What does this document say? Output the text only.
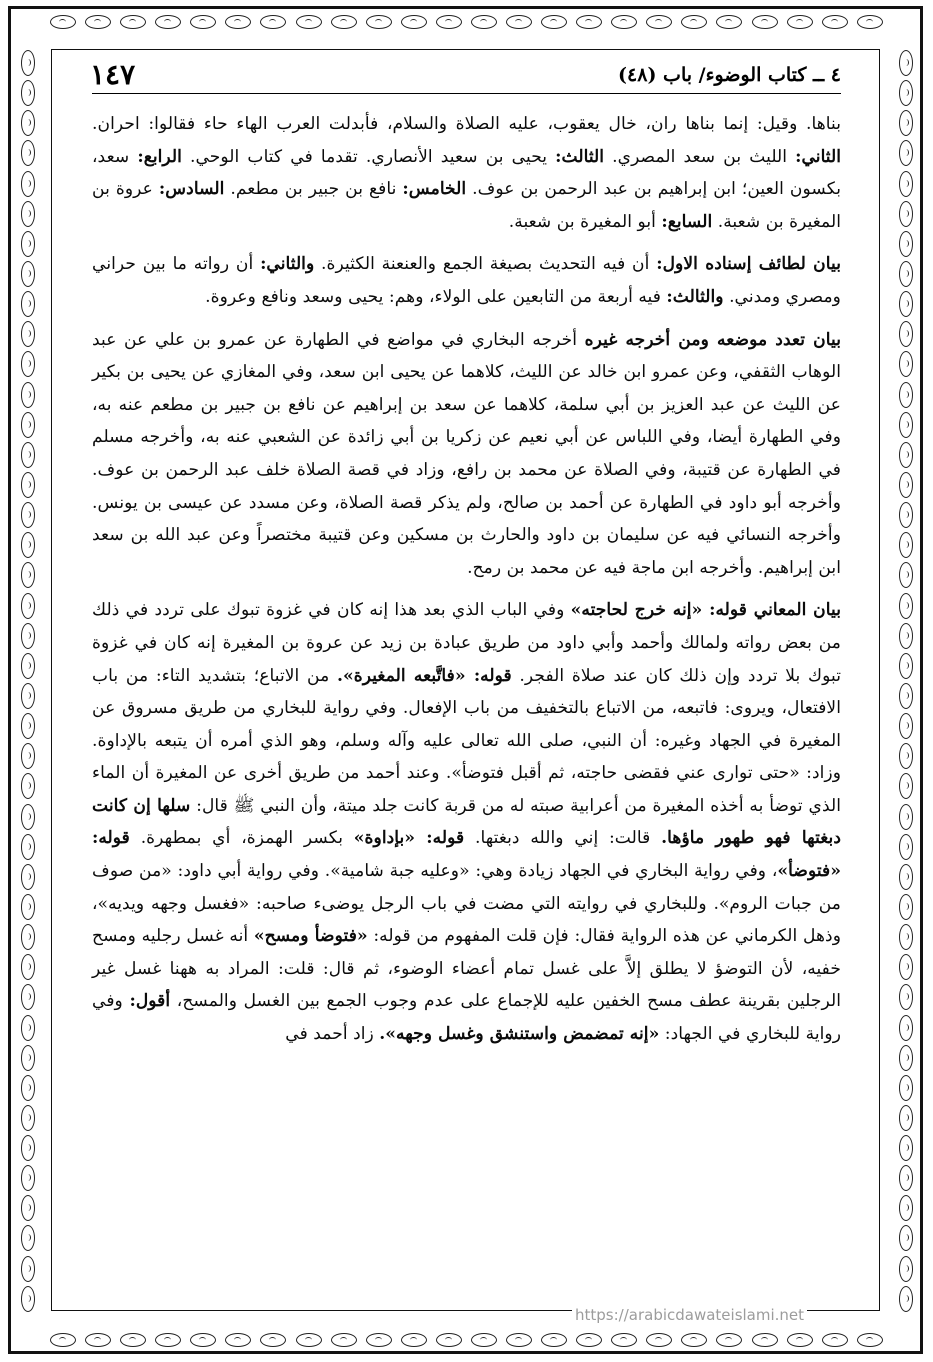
٤ ــ كتاب الوضوء/ باب (٤٨)
١٤٧

بناها. وقيل: إنما بناها ران، خال يعقوب، عليه الصلاة والسلام، فأبدلت العرب الهاء حاء فقالوا: احران. الثاني: الليث بن سعد المصري. الثالث: يحيى بن سعيد الأنصاري. تقدما في كتاب الوحي. الرابع: سعد، بكسون العين؛ ابن إبراهيم بن عبد الرحمن بن عوف. الخامس: نافع بن جبير بن مطعم. السادس: عروة بن المغيرة بن شعبة. السابع: أبو المغيرة بن شعبة.

بيان لطائف إسناده الاول: أن فيه التحديث بصيغة الجمع والعنعنة الكثيرة. والثاني: أن رواته ما بين حراني ومصري ومدني. والثالث: فيه أربعة من التابعين على الولاء، وهم: يحيى وسعد ونافع وعروة.

بيان تعدد موضعه ومن أخرجه غيره أخرجه البخاري في مواضع في الطهارة عن عمرو بن علي عن عبد الوهاب الثقفي، وعن عمرو ابن خالد عن الليث، كلاهما عن يحيى ابن سعد، وفي المغازي عن يحيى بن بكير عن الليث عن عبد العزيز بن أبي سلمة، كلاهما عن سعد بن إبراهيم عن نافع بن جبير بن مطعم عنه به، وفي الطهارة أيضا، وفي اللباس عن أبي نعيم عن زكريا بن أبي زائدة عن الشعبي عنه به، وأخرجه مسلم في الطهارة عن قتيبة، وفي الصلاة عن محمد بن رافع، وزاد في قصة الصلاة خلف عبد الرحمن بن عوف. وأخرجه أبو داود في الطهارة عن أحمد بن صالح، ولم يذكر قصة الصلاة، وعن مسدد عن عيسى بن يونس. وأخرجه النسائي فيه عن سليمان بن داود والحارث بن مسكين وعن قتيبة مختصراً وعن عبد الله بن سعد ابن إبراهيم. وأخرجه ابن ماجة فيه عن محمد بن رمح.

بيان المعاني قوله: «إنه خرج لحاجته» وفي الباب الذي بعد هذا إنه كان في غزوة تبوك على تردد في ذلك من بعض رواته ولمالك وأحمد وأبي داود من طريق عبادة بن زيد عن عروة بن المغيرة إنه كان في غزوة تبوك بلا تردد وإن ذلك كان عند صلاة الفجر. قوله: «فاتَّبعه المغيرة». من الاتباع؛ بتشديد التاء: من باب الافتعال، ويروى: فاتبعه، من الاتباع بالتخفيف من باب الإفعال. وفي رواية للبخاري من طريق مسروق عن المغيرة في الجهاد وغيره: أن النبي، صلى الله تعالى عليه وآله وسلم، وهو الذي أمره أن يتبعه بالإداوة. وزاد: «حتى توارى عني فقضى حاجته، ثم أقبل فتوضأ». وعند أحمد من طريق أخرى عن المغيرة أن الماء الذي توضأ به أخذه المغيرة من أعرابية صبته له من قربة كانت جلد ميتة، وأن النبي ﷺ قال: سلها إن كانت دبغتها فهو طهور ماؤها. قالت: إني والله دبغتها. قوله: «بإداوة» بكسر الهمزة، أي بمطهرة. قوله: «فتوضأ»، وفي رواية البخاري في الجهاد زيادة وهي: «وعليه جبة شامية». وفي رواية أبي داود: «من صوف من جبات الروم». وللبخاري في روايته التي مضت في باب الرجل يوضىء صاحبه: «فغسل وجهه ويديه»، وذهل الكرماني عن هذه الرواية فقال: فإن قلت المفهوم من قوله: «فتوضأ ومسح» أنه غسل رجليه ومسح خفيه، لأن التوضؤ لا يطلق إلاَّ على غسل تمام أعضاء الوضوء، ثم قال: قلت: المراد به ههنا غسل غير الرجلين بقرينة عطف مسح الخفين عليه للإجماع على عدم وجوب الجمع بين الغسل والمسح، أقول: وفي رواية للبخاري في الجهاد: «إنه تمضمض واستنشق وغسل وجهه». زاد أحمد في

https://arabicdawateislami.net
